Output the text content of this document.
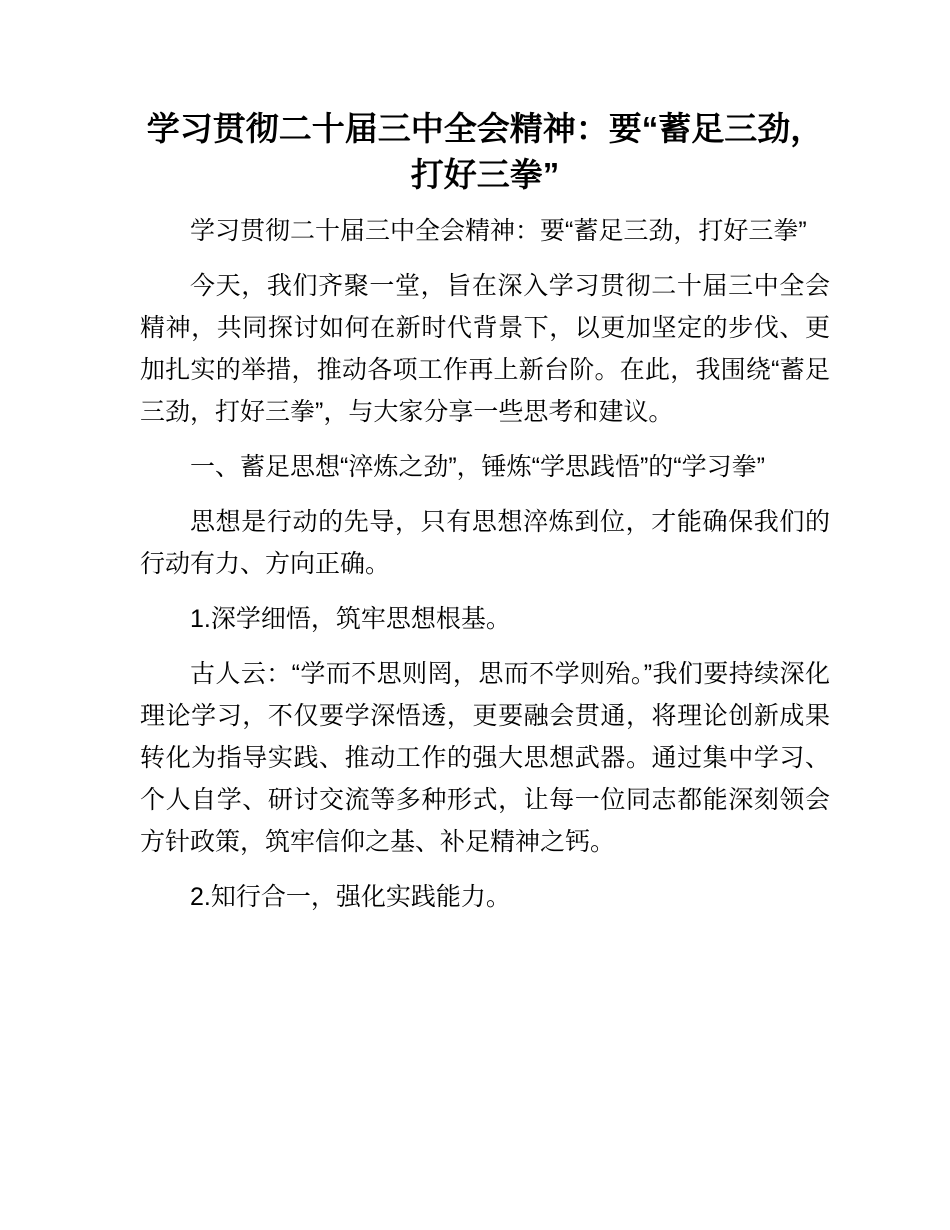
学习贯彻二十届三中全会精神：要“蓄足三劲，打好三拳”

学习贯彻二十届三中全会精神：要“蓄足三劲，打好三拳”

今天，我们齐聚一堂，旨在深入学习贯彻二十届三中全会精神，共同探讨如何在新时代背景下，以更加坚定的步伐、更加扎实的举措，推动各项工作再上新台阶。在此，我围绕“蓄足三劲，打好三拳”，与大家分享一些思考和建议。

一、蓄足思想“淬炼之劲”，锤炼“学思践悟”的“学习拳”

思想是行动的先导，只有思想淬炼到位，才能确保我们的行动有力、方向正确。

1.深学细悟，筑牢思想根基。

古人云：“学而不思则罔，思而不学则殆。”我们要持续深化理论学习，不仅要学深悟透，更要融会贯通，将理论创新成果转化为指导实践、推动工作的强大思想武器。通过集中学习、个人自学、研讨交流等多种形式，让每一位同志都能深刻领会方针政策，筑牢信仰之基、补足精神之钙。

2.知行合一，强化实践能力。
